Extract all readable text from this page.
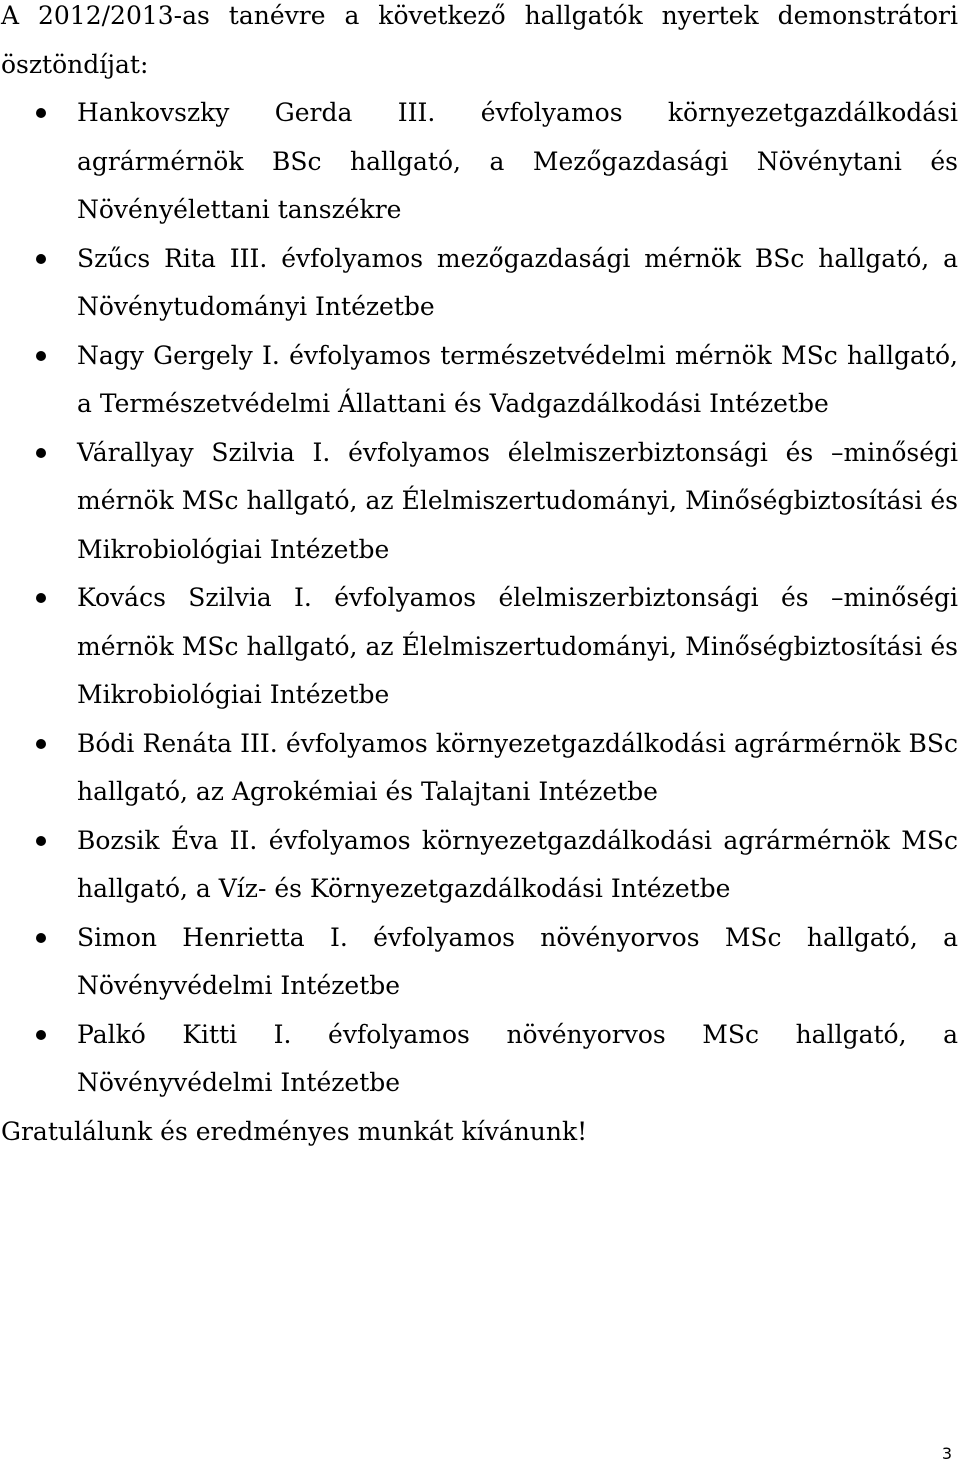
A 2012/2013-as tanévre a következő hallgatók nyertek demonstrátori ösztöndíjat:

Hankovszky Gerda III. évfolyamos környezetgazdálkodási agrármérnök BSc hallgató, a Mezőgazdasági Növénytani és Növényélettani tanszékre
Szűcs Rita III. évfolyamos mezőgazdasági mérnök BSc hallgató, a Növénytudományi Intézetbe
Nagy Gergely I. évfolyamos természetvédelmi mérnök MSc hallgató, a Természetvédelmi Állattani és Vadgazdálkodási Intézetbe
Várallyay Szilvia I. évfolyamos élelmiszerbiztonsági és –minőségi mérnök MSc hallgató, az Élelmiszertudományi, Minőségbiztosítási és Mikrobiológiai Intézetbe
Kovács Szilvia I. évfolyamos élelmiszerbiztonsági és –minőségi mérnök MSc hallgató, az Élelmiszertudományi, Minőségbiztosítási és Mikrobiológiai Intézetbe
Bódi Renáta III. évfolyamos környezetgazdálkodási agrármérnök BSc hallgató, az Agrokémiai és Talajtani Intézetbe
Bozsik Éva II. évfolyamos környezetgazdálkodási agrármérnök MSc hallgató, a Víz- és Környezetgazdálkodási Intézetbe
Simon Henrietta I. évfolyamos növényorvos MSc hallgató, a Növényvédelmi Intézetbe
Palkó Kitti I. évfolyamos növényorvos MSc hallgató, a Növényvédelmi Intézetbe

Gratulálunk és eredményes munkát kívánunk!

3
